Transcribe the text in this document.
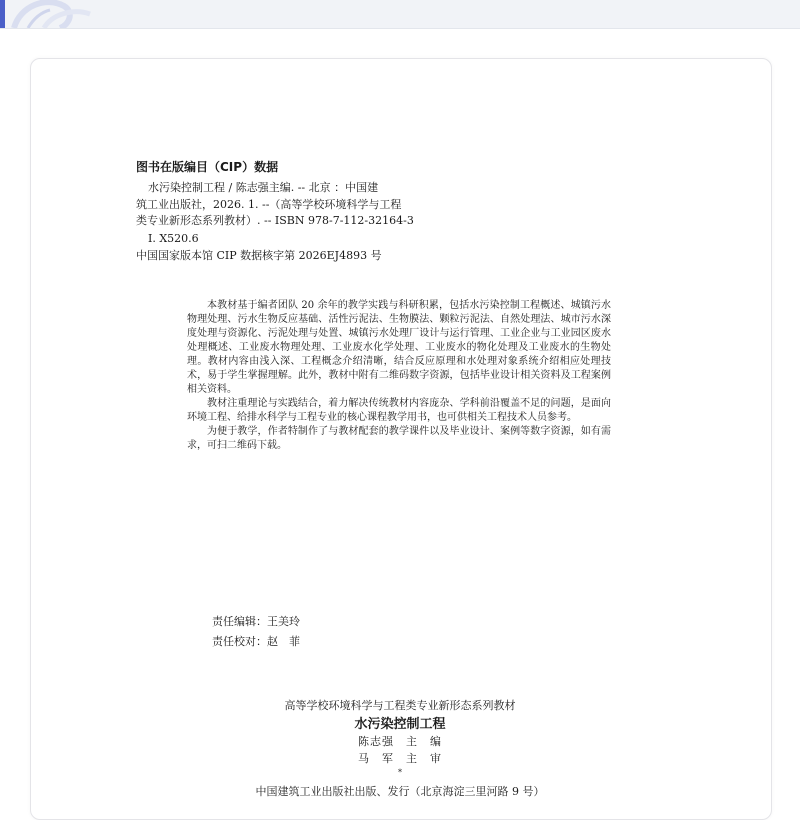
图书在版编目（CIP）数据
水污染控制工程 / 陈志强主编. -- 北京 ：中国建
筑工业出版社，2026. 1. --（高等学校环境科学与工程
类专业新形态系列教材）. -- ISBN 978-7-112-32164-3
Ⅰ. X520.6
中国国家版本馆 CIP 数据核字第 2026EJ4893 号

本教材基于编者团队 20 余年的教学实践与科研积累，包括水污染控制工程概述、城镇污水物理处理、污水生物反应基础、活性污泥法、生物膜法、颗粒污泥法、自然处理法、城市污水深度处理与资源化、污泥处理与处置、城镇污水处理厂设计与运行管理、工业企业与工业园区废水处理概述、工业废水物理处理、工业废水化学处理、工业废水的物化处理及工业废水的生物处理。教材内容由浅入深、工程概念介绍清晰，结合反应原理和水处理对象系统介绍相应处理技术，易于学生掌握理解。此外，教材中附有二维码数字资源，包括毕业设计相关资料及工程案例相关资料。

教材注重理论与实践结合，着力解决传统教材内容庞杂、学科前沿覆盖不足的问题，是面向环境工程、给排水科学与工程专业的核心课程教学用书，也可供相关工程技术人员参考。

为便于教学，作者特制作了与教材配套的教学课件以及毕业设计、案例等数字资源，如有需求，可扫二维码下载。

责任编辑：王美玲
责任校对：赵　菲
高等学校环境科学与工程类专业新形态系列教材
水污染控制工程
陈志强　主　编
马　军　主　审
*
中国建筑工业出版社出版、发行（北京海淀三里河路 9 号）
